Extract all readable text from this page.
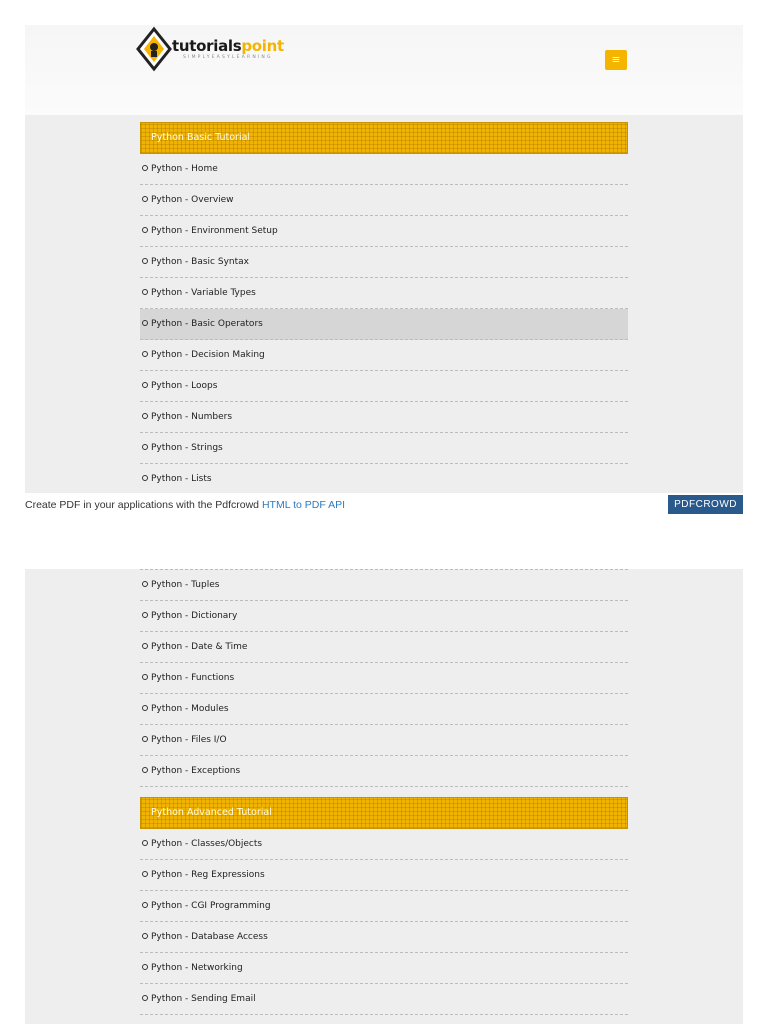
tutorialspoint
SIMPLYEASYLEARNING	≡
Python Basic Tutorial
Python - Home
Python - Overview
Python - Environment Setup
Python - Basic Syntax
Python - Variable Types
Python - Basic Operators
Python - Decision Making
Python - Loops
Python - Numbers
Python - Strings
Python - Lists
Create PDF in your applications with the Pdfcrowd HTML to PDF API	PDFCROWD
Python - Tuples
Python - Dictionary
Python - Date & Time
Python - Functions
Python - Modules
Python - Files I/O
Python - Exceptions
Python Advanced Tutorial
Python - Classes/Objects
Python - Reg Expressions
Python - CGI Programming
Python - Database Access
Python - Networking
Python - Sending Email
